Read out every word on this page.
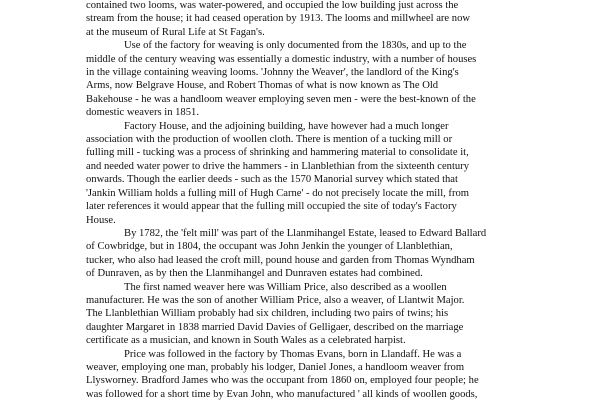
contained two looms, was water-powered, and occupied the low building just across the
stream from the house; it had ceased operation by 1913. The looms and millwheel are now
at the museum of Rural Life at St Fagan's.

Use of the factory for weaving is only documented from the 1830s, and up to the
middle of the century weaving was essentially a domestic industry, with a number of houses
in the village containing weaving looms. 'Johnny the Weaver', the landlord of the King's
Arms, now Belgrave House, and Robert Thomas of what is now known as The Old
Bakehouse - he was a handloom weaver employing seven men - were the best-known of the
domestic weavers in 1851.

Factory House, and the adjoining building, have however had a much longer
association with the production of woollen cloth. There is mention of a tucking mill or
fulling mill - tucking was a process of shrinking and hammering material to consolidate it,
and needed water power to drive the hammers - in Llanblethian from the sixteenth century
onwards. Though the earlier deeds - such as the 1570 Manorial survey which stated that
'Jankin William holds a fulling mill of Hugh Carne' - do not precisely locate the mill, from
later references it would appear that the fulling mill occupied the site of today's Factory
House.

By 1782, the 'felt mill' was part of the Llanmihangel Estate, leased to Edward Ballard
of Cowbridge, but in 1804, the occupant was John Jenkin the younger of Llanblethian,
tucker, who also had leased the croft mill, pound house and garden from Thomas Wyndham
of Dunraven, as by then the Llanmihangel and Dunraven estates had combined.

The first named weaver here was William Price, also described as a woollen
manufacturer. He was the son of another William Price, also a weaver, of Llantwit Major.
The Llanblethian William probably had six children, including two pairs of twins; his
daughter Margaret in 1838 married David Davies of Gelligaer, described on the marriage
certificate as a musician, and known in South Wales as a celebrated harpist.

Price was followed in the factory by Thomas Evans, born in Llandaff. He was a
weaver, employing one man, probably his lodger, Daniel Jones, a handloom weaver from
Llysworney. Bradford James who was the occupant from 1860 on, employed four people; he
was followed for a short time by Evan John, who manufactured ' all kinds of woollen goods,
